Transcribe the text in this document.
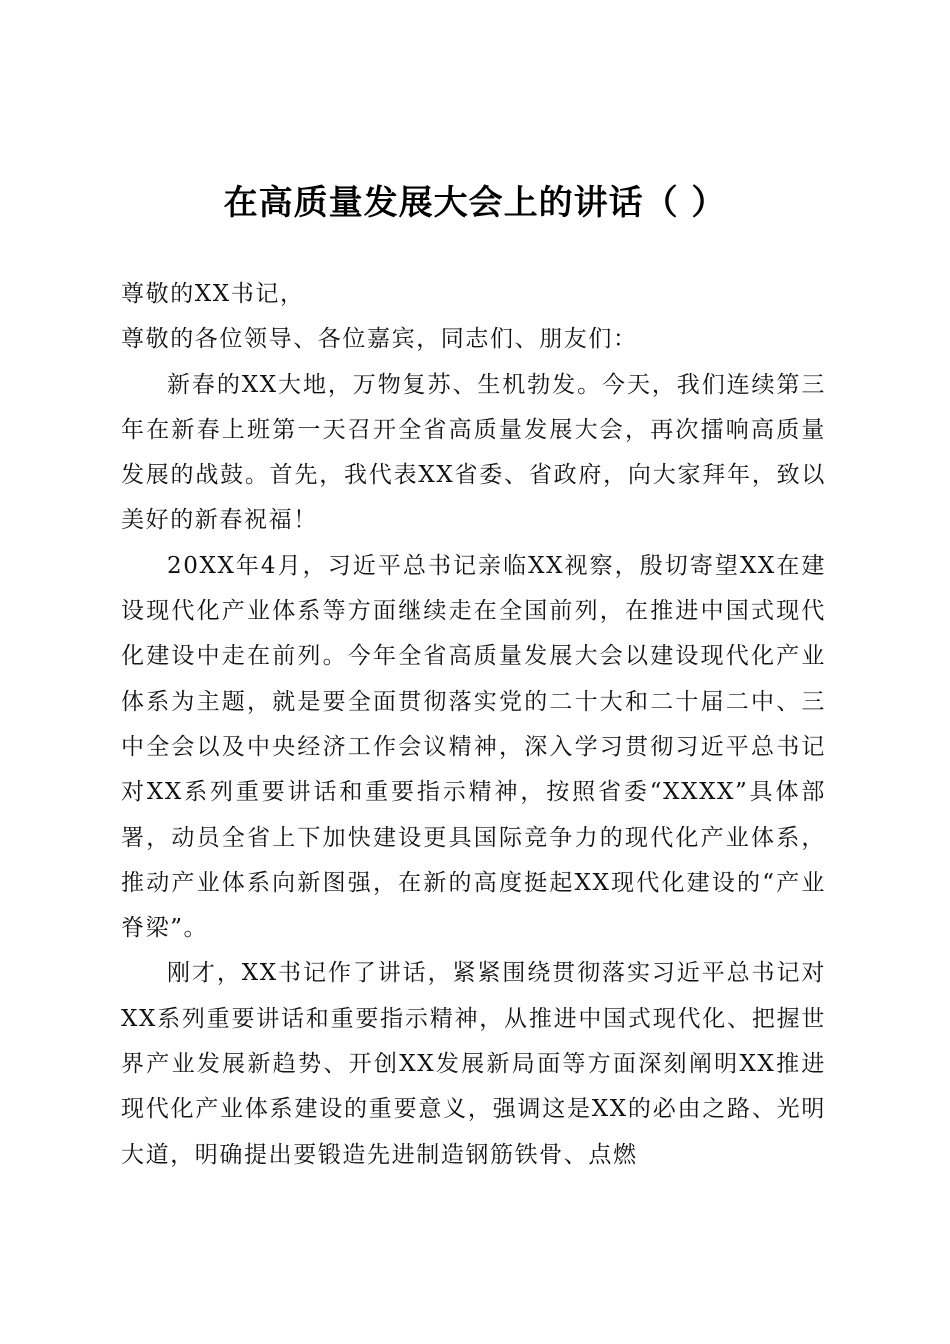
在高质量发展大会上的讲话（ ）

尊敬的XX书记，

尊敬的各位领导、各位嘉宾，同志们、朋友们：

新春的XX大地，万物复苏、生机勃发。今天，我们连续第三年在新春上班第一天召开全省高质量发展大会，再次擂响高质量发展的战鼓。首先，我代表XX省委、省政府，向大家拜年，致以美好的新春祝福！

20XX年4月，习近平总书记亲临XX视察，殷切寄望XX在建设现代化产业体系等方面继续走在全国前列，在推进中国式现代化建设中走在前列。今年全省高质量发展大会以建设现代化产业体系为主题，就是要全面贯彻落实党的二十大和二十届二中、三中全会以及中央经济工作会议精神，深入学习贯彻习近平总书记对XX系列重要讲话和重要指示精神，按照省委“XXXX”具体部署，动员全省上下加快建设更具国际竞争力的现代化产业体系，推动产业体系向新图强，在新的高度挺起XX现代化建设的“产业脊梁”。

刚才，XX书记作了讲话，紧紧围绕贯彻落实习近平总书记对XX系列重要讲话和重要指示精神，从推进中国式现代化、把握世界产业发展新趋势、开创XX发展新局面等方面深刻阐明XX推进现代化产业体系建设的重要意义，强调这是XX的必由之路、光明大道，明确提出要锻造先进制造钢筋铁骨、点燃
